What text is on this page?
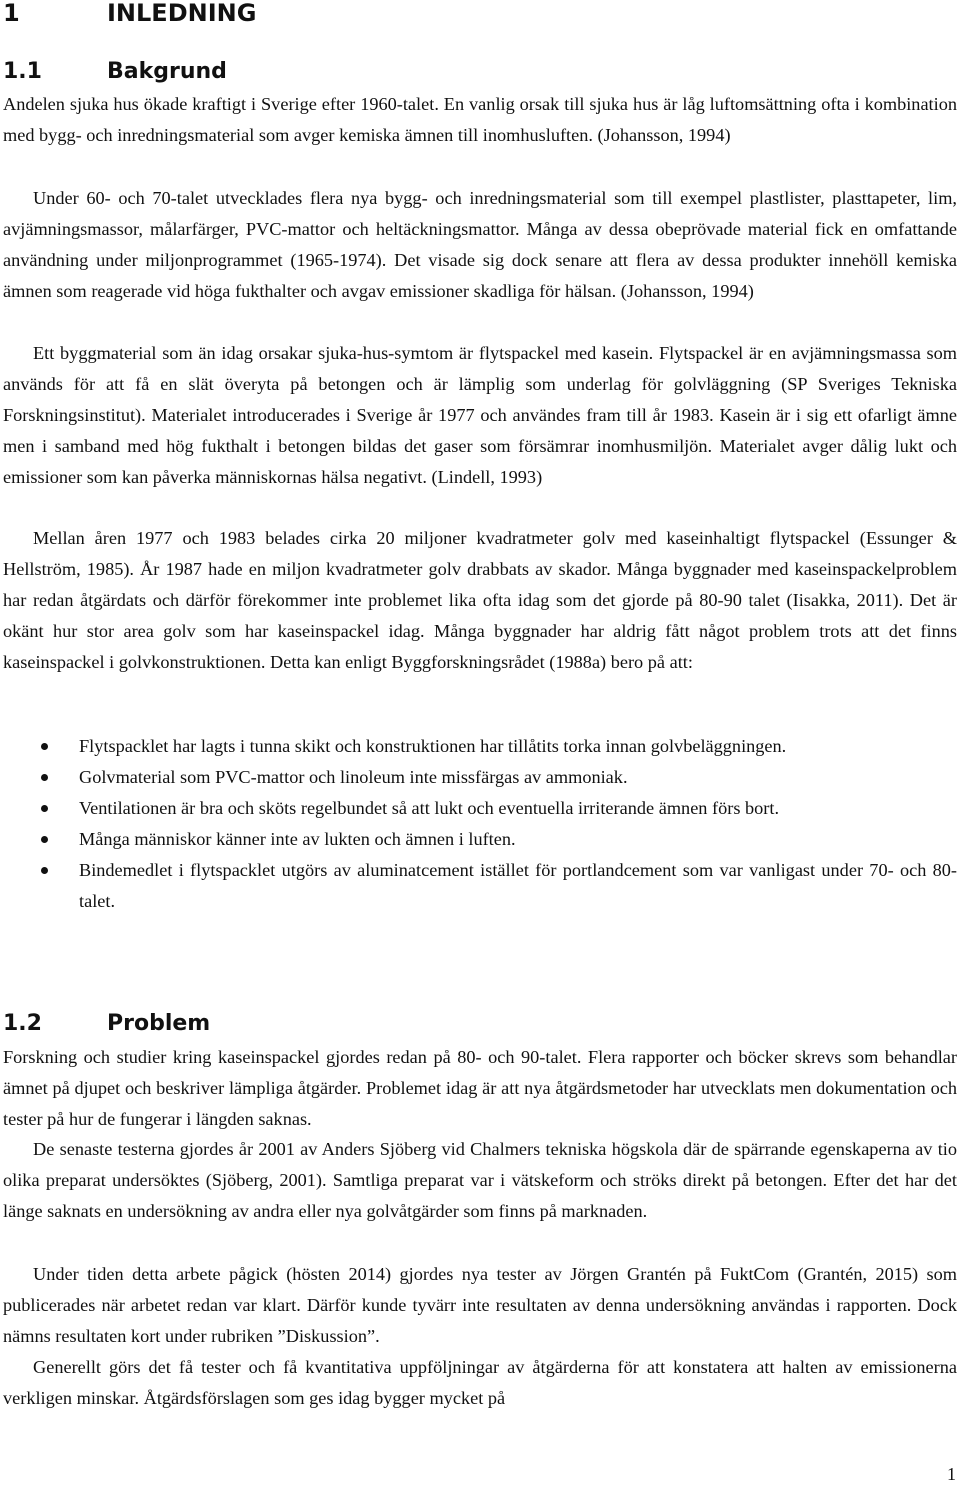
1	INLEDNING
1.1	Bakgrund

Andelen sjuka hus ökade kraftigt i Sverige efter 1960-talet. En vanlig orsak till sjuka hus är låg luftomsättning ofta i kombination med bygg- och inredningsmaterial som avger kemiska ämnen till inomhusluften. (Johansson, 1994)

Under 60- och 70-talet utvecklades flera nya bygg- och inredningsmaterial som till exempel plastlister, plasttapeter, lim, avjämningsmassor, målarfärger, PVC-mattor och heltäckningsmattor. Många av dessa obeprövade material fick en omfattande användning under miljonprogrammet (1965-1974). Det visade sig dock senare att flera av dessa produkter innehöll kemiska ämnen som reagerade vid höga fukthalter och avgav emissioner skadliga för hälsan. (Johansson, 1994)

Ett byggmaterial som än idag orsakar sjuka-hus-symtom är flytspackel med kasein. Flytspackel är en avjämningsmassa som används för att få en slät överyta på betongen och är lämplig som underlag för golvläggning (SP Sveriges Tekniska Forskningsinstitut). Materialet introducerades i Sverige år 1977 och användes fram till år 1983. Kasein är i sig ett ofarligt ämne men i samband med hög fukthalt i betongen bildas det gaser som försämrar inomhusmiljön. Materialet avger dålig lukt och emissioner som kan påverka människornas hälsa negativt. (Lindell, 1993)

Mellan åren 1977 och 1983 belades cirka 20 miljoner kvadratmeter golv med kaseinhaltigt flytspackel (Essunger & Hellström, 1985). År 1987 hade en miljon kvadratmeter golv drabbats av skador. Många byggnader med kaseinspackelproblem har redan åtgärdats och därför förekommer inte problemet lika ofta idag som det gjorde på 80-90 talet (Iisakka, 2011). Det är okänt hur stor area golv som har kaseinspackel idag. Många byggnader har aldrig fått något problem trots att det finns kaseinspackel i golvkonstruktionen. Detta kan enligt Byggforskningsrådet (1988a) bero på att:

Flytspacklet har lagts i tunna skikt och konstruktionen har tillåtits torka innan golvbeläggningen.
Golvmaterial som PVC-mattor och linoleum inte missfärgas av ammoniak.
Ventilationen är bra och sköts regelbundet så att lukt och eventuella irriterande ämnen förs bort.
Många människor känner inte av lukten och ämnen i luften.
Bindemedlet i flytspacklet utgörs av aluminatcement istället för portlandcement som var vanligast under 70- och 80-talet.
1.2	Problem

Forskning och studier kring kaseinspackel gjordes redan på 80- och 90-talet. Flera rapporter och böcker skrevs som behandlar ämnet på djupet och beskriver lämpliga åtgärder. Problemet idag är att nya åtgärdsmetoder har utvecklats men dokumentation och tester på hur de fungerar i längden saknas.

De senaste testerna gjordes år 2001 av Anders Sjöberg vid Chalmers tekniska högskola där de spärrande egenskaperna av tio olika preparat undersöktes (Sjöberg, 2001). Samtliga preparat var i vätskeform och ströks direkt på betongen. Efter det har det länge saknats en undersökning av andra eller nya golvåtgärder som finns på marknaden.

Under tiden detta arbete pågick (hösten 2014) gjordes nya tester av Jörgen Grantén på FuktCom (Grantén, 2015) som publicerades när arbetet redan var klart. Därför kunde tyvärr inte resultaten av denna undersökning användas i rapporten. Dock nämns resultaten kort under rubriken ”Diskussion”.

Generellt görs det få tester och få kvantitativa uppföljningar av åtgärderna för att konstatera att halten av emissionerna verkligen minskar. Åtgärdsförslagen som ges idag bygger mycket på

1
